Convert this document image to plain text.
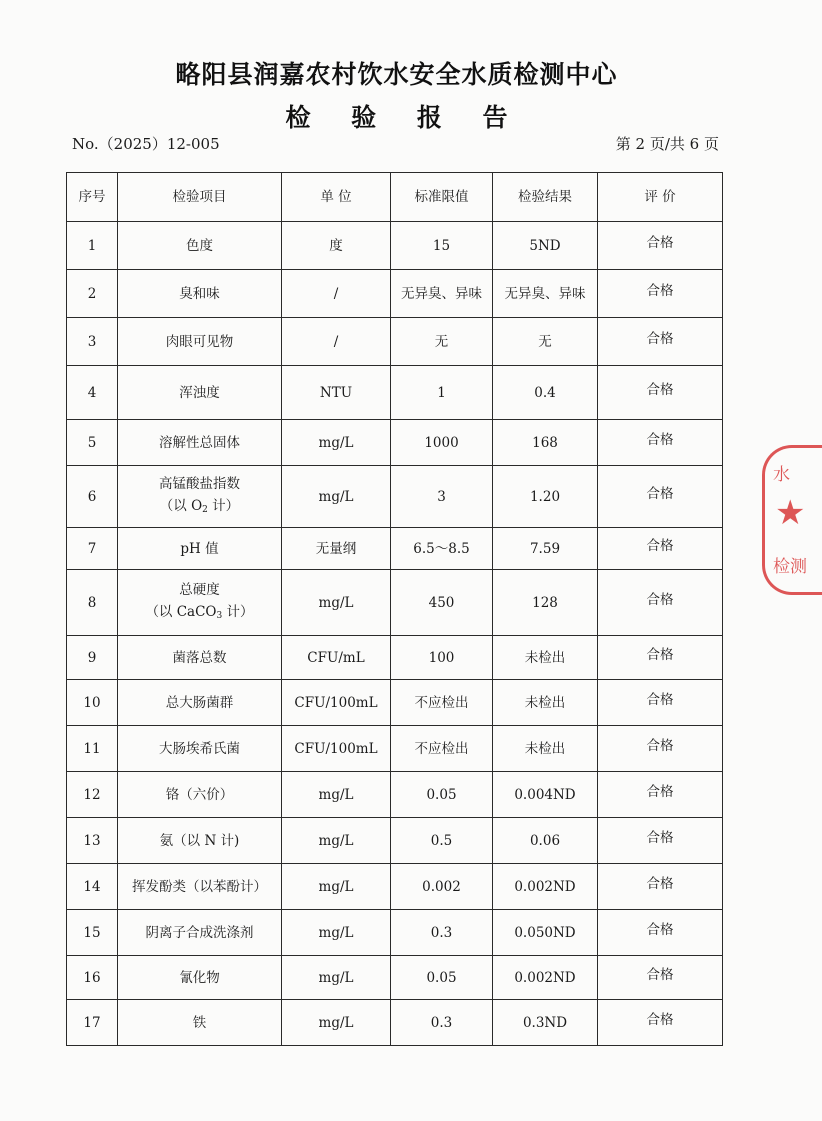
略阳县润嘉农村饮水安全水质检测中心
检 验 报 告
No.（2025）12-005	第 2 页/共 6 页
序号	检验项目	单 位	标准限值	检验结果	评 价
1	色度	度	15	5ND	合格
2	臭和味	/	无异臭、异味	无异臭、异味	合格
3	肉眼可见物	/	无	无	合格
4	浑浊度	NTU	1	0.4	合格
5	溶解性总固体	mg/L	1000	168	合格
6	高锰酸盐指数
（以 $O_2$ 计）	mg/L	3	1.20	合格
7	pH 值	无量纲	6.5～8.5	7.59	合格
8	总硬度
（以 CaCO$_3$ 计）	mg/L	450	128	合格
9	菌落总数	CFU/mL	100	未检出	合格
10	总大肠菌群	CFU/100mL	不应检出	未检出	合格
11	大肠埃希氏菌	CFU/100mL	不应检出	未检出	合格
12	铬（六价）	mg/L	0.05	0.004ND	合格
13	氨（以 N 计)	mg/L	0.5	0.06	合格
14	挥发酚类（以苯酚计）	mg/L	0.002	0.002ND	合格
15	阴离子合成洗涤剂	mg/L	0.3	0.050ND	合格
16	氰化物	mg/L	0.05	0.002ND	合格
17	铁	mg/L	0.3	0.3ND	合格
水
★
检测
